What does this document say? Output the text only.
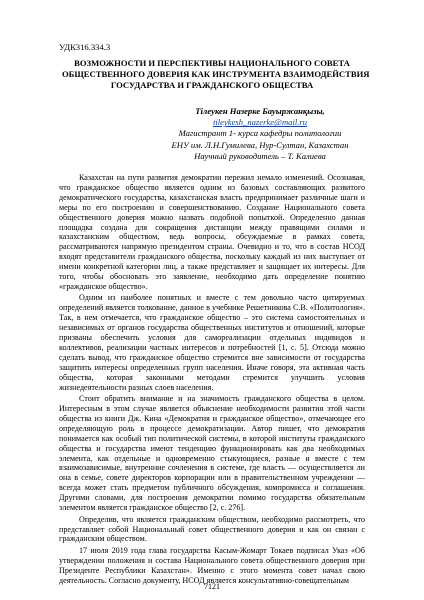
УДК316.334.3
ВОЗМОЖНОСТИ И ПЕРСПЕКТИВЫ НАЦИОНАЛЬНОГО СОВЕТА
ОБЩЕСТВЕННОГО ДОВЕРИЯ КАК ИНСТРУМЕНТА ВЗАИМОДЕЙСТВИЯ
ГОСУДАРСТВА И ГРАЖДАНСКОГО ОБЩЕСТВА
Тілеукен Назерке Бауыржанқызы,
tileykesh_nazerke@mail.ru
Магистрант 1- курса кафедры политологии
ЕНУ им. Л.Н.Гумилева, Нур-Султан, Казахстан
Научный руководитель – Т. Калиева

Казахстан на пути развития демократии пережил немало изменений. Осознавая, что гражданское общество является одним из базовых составляющих развитого демократического государства, казахстанская власть предпринимает различные шаги и меры по его построению и совершенствованию. Создание Национального совета общественного доверия можно назвать подобной попыткой. Определенно данная площадка создана для сокращения дистанции между правящими силами и казахстанским обществом, ведь вопросы, обсуждаемые в рамках совета, рассматриваются напрямую президентом страны. Очевидно и то, что в состав НСОД входят представители гражданского общества, поскольку каждый из них выступает от имени конкретной категории лиц, а также представляет и защищает их интересы. Для того, чтобы обосновать это заявление, необходимо дать определение понятию «гражданское общество».

Одним из наиболее понятных и вместе с тем довольно часто цитируемых определений является толкование, данное в учебнике Решетникова С.В. «Политология». Так, в нем отмечается, что гражданское общество – это система самостоятельных и независимых от органов государства общественных институтов и отношений, которые призваны обеспечить условия для самореализации отдельных индивидов и коллективов, реализации частных интересов и потребностей [1, с. 5]. Отсюда можно сделать вывод, что гражданское общество стремится вне зависимости от государства защитить интересы определенных групп населения. Иначе говоря, эта активная часть общества, которая законными методами стремится улучшить условия жизнедеятельности разных слоев населения.

Стоит обратить внимание и на значимость гражданского общества в целом. Интересным в этом случае является объяснение необходимости развития этой части общества из книги Дж. Кина «Демократия и гражданское общество», отмечающее его определяющую роль в процессе демократизации. Автор пишет, что демократия понимается как особый тип политической системы, в которой институты гражданского общества и государства имеют тенденцию функционировать как два необходимых элемента, как отдельные и одновременно стыкующиеся, разные и вместе с тем взаимозависимые, внутренние сочленения в системе, где власть — осуществляется ли она в семье, совете директоров корпорации или в правительственном учреждении — всегда может стать предметом публичного обсуждения, компромисса и соглашения. Другими словами, для построения демократии помимо государства обязательным элементом является гражданское общество [2, с. 276].

Определив, что является гражданским обществом, необходимо рассмотреть, что представляет собой Национальный совет общественного доверия и как он связан с гражданским обществом.

17 июля 2019 года глава государства Касым-Жомарт Токаев подписал Указ «Об утверждении положения и состава Национального совета общественного доверия при Президенте Республики Казахстан». Именно с этого момента совет начал свою деятельность. Согласно документу, НСОД является консультативно-совещательным

7121
